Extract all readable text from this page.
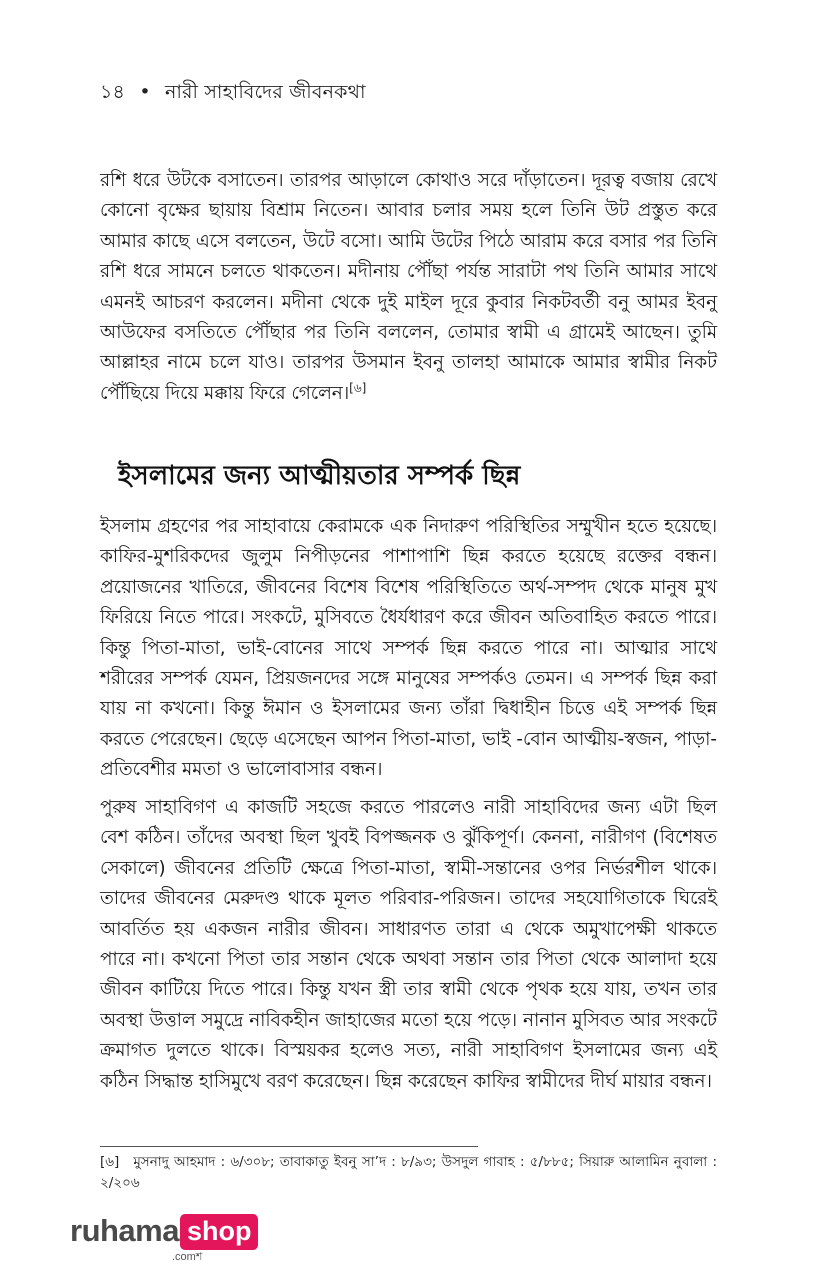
১৪ • নারী সাহাবিদের জীবনকথা

রশি ধরে উটকে বসাতেন। তারপর আড়ালে কোথাও সরে দাঁড়াতেন। দূরত্ব বজায় রেখে কোনো বৃক্ষের ছায়ায় বিশ্রাম নিতেন। আবার চলার সময় হলে তিনি উট প্রস্তুত করে আমার কাছে এসে বলতেন, উটে বসো। আমি উটের পিঠে আরাম করে বসার পর তিনি রশি ধরে সামনে চলতে থাকতেন। মদীনায় পৌঁছা পর্যন্ত সারাটা পথ তিনি আমার সাথে এমনই আচরণ করলেন। মদীনা থেকে দুই মাইল দূরে কুবার নিকটবর্তী বনু আমর ইবনু আউফের বসতিতে পৌঁছার পর তিনি বললেন, তোমার স্বামী এ গ্রামেই আছেন। তুমি আল্লাহর নামে চলে যাও। তারপর উসমান ইবনু তালহা আমাকে আমার স্বামীর নিকট পৌঁছিয়ে দিয়ে মক্কায় ফিরে গেলেন।[৬]

ইসলামের জন্য আত্মীয়তার সম্পর্ক ছিন্ন

ইসলাম গ্রহণের পর সাহাবায়ে কেরামকে এক নিদারুণ পরিস্থিতির সম্মুখীন হতে হয়েছে। কাফির-মুশরিকদের জুলুম নিপীড়নের পাশাপাশি ছিন্ন করতে হয়েছে রক্তের বন্ধন। প্রয়োজনের খাতিরে, জীবনের বিশেষ বিশেষ পরিস্থিতিতে অর্থ-সম্পদ থেকে মানুষ মুখ ফিরিয়ে নিতে পারে। সংকটে, মুসিবতে ধৈর্যধারণ করে জীবন অতিবাহিত করতে পারে। কিন্তু পিতা-মাতা, ভাই-বোনের সাথে সম্পর্ক ছিন্ন করতে পারে না। আত্মার সাথে শরীরের সম্পর্ক যেমন, প্রিয়জনদের সঙ্গে মানুষের সম্পর্কও তেমন। এ সম্পর্ক ছিন্ন করা যায় না কখনো। কিন্তু ঈমান ও ইসলামের জন্য তাঁরা দ্বিধাহীন চিত্তে এই সম্পর্ক ছিন্ন করতে পেরেছেন। ছেড়ে এসেছেন আপন পিতা-মাতা, ভাই -বোন আত্মীয়-স্বজন, পাড়া-প্রতিবেশীর মমতা ও ভালোবাসার বন্ধন।

পুরুষ সাহাবিগণ এ কাজটি সহজে করতে পারলেও নারী সাহাবিদের জন্য এটা ছিল বেশ কঠিন। তাঁদের অবস্থা ছিল খুবই বিপজ্জনক ও ঝুঁকিপূর্ণ। কেননা, নারীগণ (বিশেষত সেকালে) জীবনের প্রতিটি ক্ষেত্রে পিতা-মাতা, স্বামী-সন্তানের ওপর নির্ভরশীল থাকে। তাদের জীবনের মেরুদণ্ড থাকে মূলত পরিবার-পরিজন। তাদের সহযোগিতাকে ঘিরেই আবর্তিত হয় একজন নারীর জীবন। সাধারণত তারা এ থেকে অমুখাপেক্ষী থাকতে পারে না। কখনো পিতা তার সন্তান থেকে অথবা সন্তান তার পিতা থেকে আলাদা হয়ে জীবন কাটিয়ে দিতে পারে। কিন্তু যখন স্ত্রী তার স্বামী থেকে পৃথক হয়ে যায়, তখন তার অবস্থা উত্তাল সমুদ্রে নাবিকহীন জাহাজের মতো হয়ে পড়ে। নানান মুসিবত আর সংকটে ক্রমাগত দুলতে থাকে। বিস্ময়কর হলেও সত্য, নারী সাহাবিগণ ইসলামের জন্য এই কঠিন সিদ্ধান্ত হাসিমুখে বরণ করেছেন। ছিন্ন করেছেন কাফির স্বামীদের দীর্ঘ মায়ার বন্ধন।

[৬] মুসনাদু আহমাদ : ৬/৩০৮; তাবাকাতু ইবনু সা’দ : ৮/৯৩; উসদুল গাবাহ : ৫/৮৮৫; সিয়ারু আলামিন নুবালা : ২/২০৬

ruhama shop
.comশ
